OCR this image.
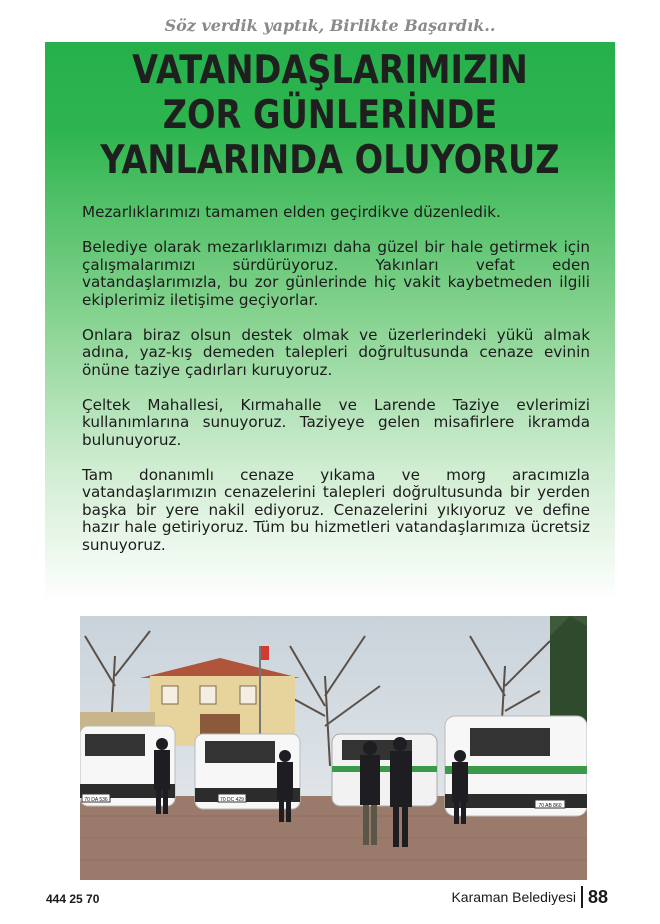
Söz verdik yaptık, Birlikte Başardık..
VATANDAŞLARIMIZIN
ZOR GÜNLERİNDE
YANLARINDA OLUYORUZ

Mezarlıklarımızı tamamen elden geçirdikve düzenledik.

Belediye olarak mezarlıklarımızı daha güzel bir hale getirmek için çalışmalarımızı sürdürüyoruz. Yakınları vefat eden vatandaşlarımızla, bu zor günlerinde hiç vakit kaybetmeden ilgili ekiplerimiz iletişime geçiyorlar.

Onlara biraz olsun destek olmak ve üzerlerindeki yükü almak adına, yaz-kış demeden talepleri doğrultusunda cenaze evinin önüne taziye çadırları kuruyoruz.

Çeltek Mahallesi, Kırmahalle ve Larende Taziye evlerimizi kullanımlarına sunuyoruz. Taziyeye gelen misafirlere ikramda bulunuyoruz.

Tam donanımlı cenaze yıkama ve morg aracımızla vatandaşlarımızın cenazelerini talepleri doğrultusunda bir yerden başka bir yere nakil ediyoruz. Cenazelerini yıkıyoruz ve define hazır hale getiriyoruz. Tüm bu hizmetleri vatandaşlarımıza ücretsiz sunuyoruz.

70 DA 536	70 DC 429
70 AB 860
444 25 70	Karaman Belediyesi 88
